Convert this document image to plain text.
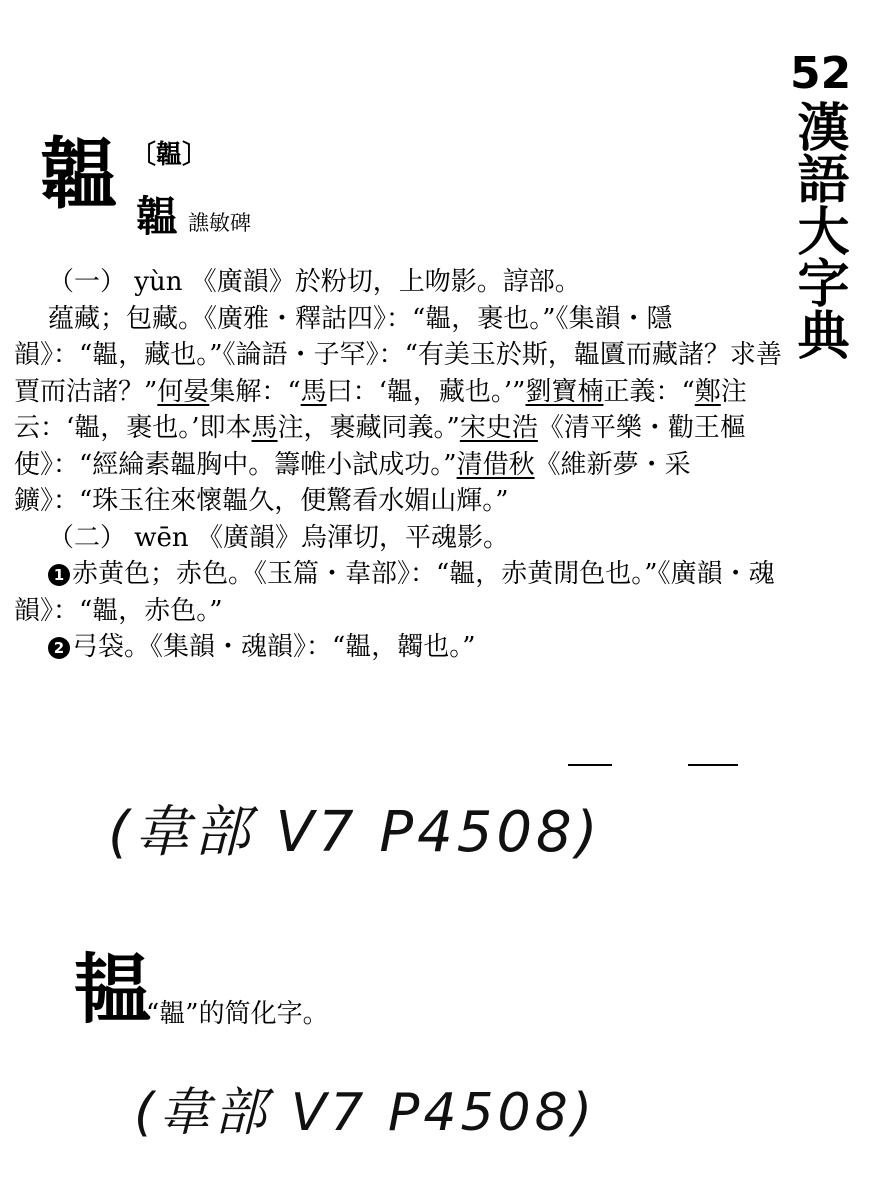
52
漢語大字典
韞 〔韞〕
韞 譙敏碑

（一） yùn 《廣韻》於粉切，上吻影。諄部。

蕴藏；包藏。《廣雅・釋詁四》：“韞，裹也。”《集韻・隱韻》：“韞，藏也。”《論語・子罕》：“有美玉於斯，韞匵而藏諸？求善賈而沽諸？”何晏集解：“馬曰：‘韞，藏也。’”劉寶楠正義：“鄭注云：‘韞，裹也。’即本馬注，裹藏同義。”宋史浩《清平樂・勸王樞使》：“經綸素韞胸中。籌帷小試成功。”清借秋《維新夢・采鑛》：“珠玉往來懷韞久，便驚看水媚山輝。”

（二） wēn 《廣韻》烏渾切，平魂影。

1 赤黄色；赤色。《玉篇・韋部》：“韞，赤黄閒色也。”《廣韻・魂韻》：“韞，赤色。”

2 弓袋。《集韻・魂韻》：“韞，韣也。”

(韋部 V7 P4508)
韫
“韞”的简化字。
(韋部 V7 P4508)
